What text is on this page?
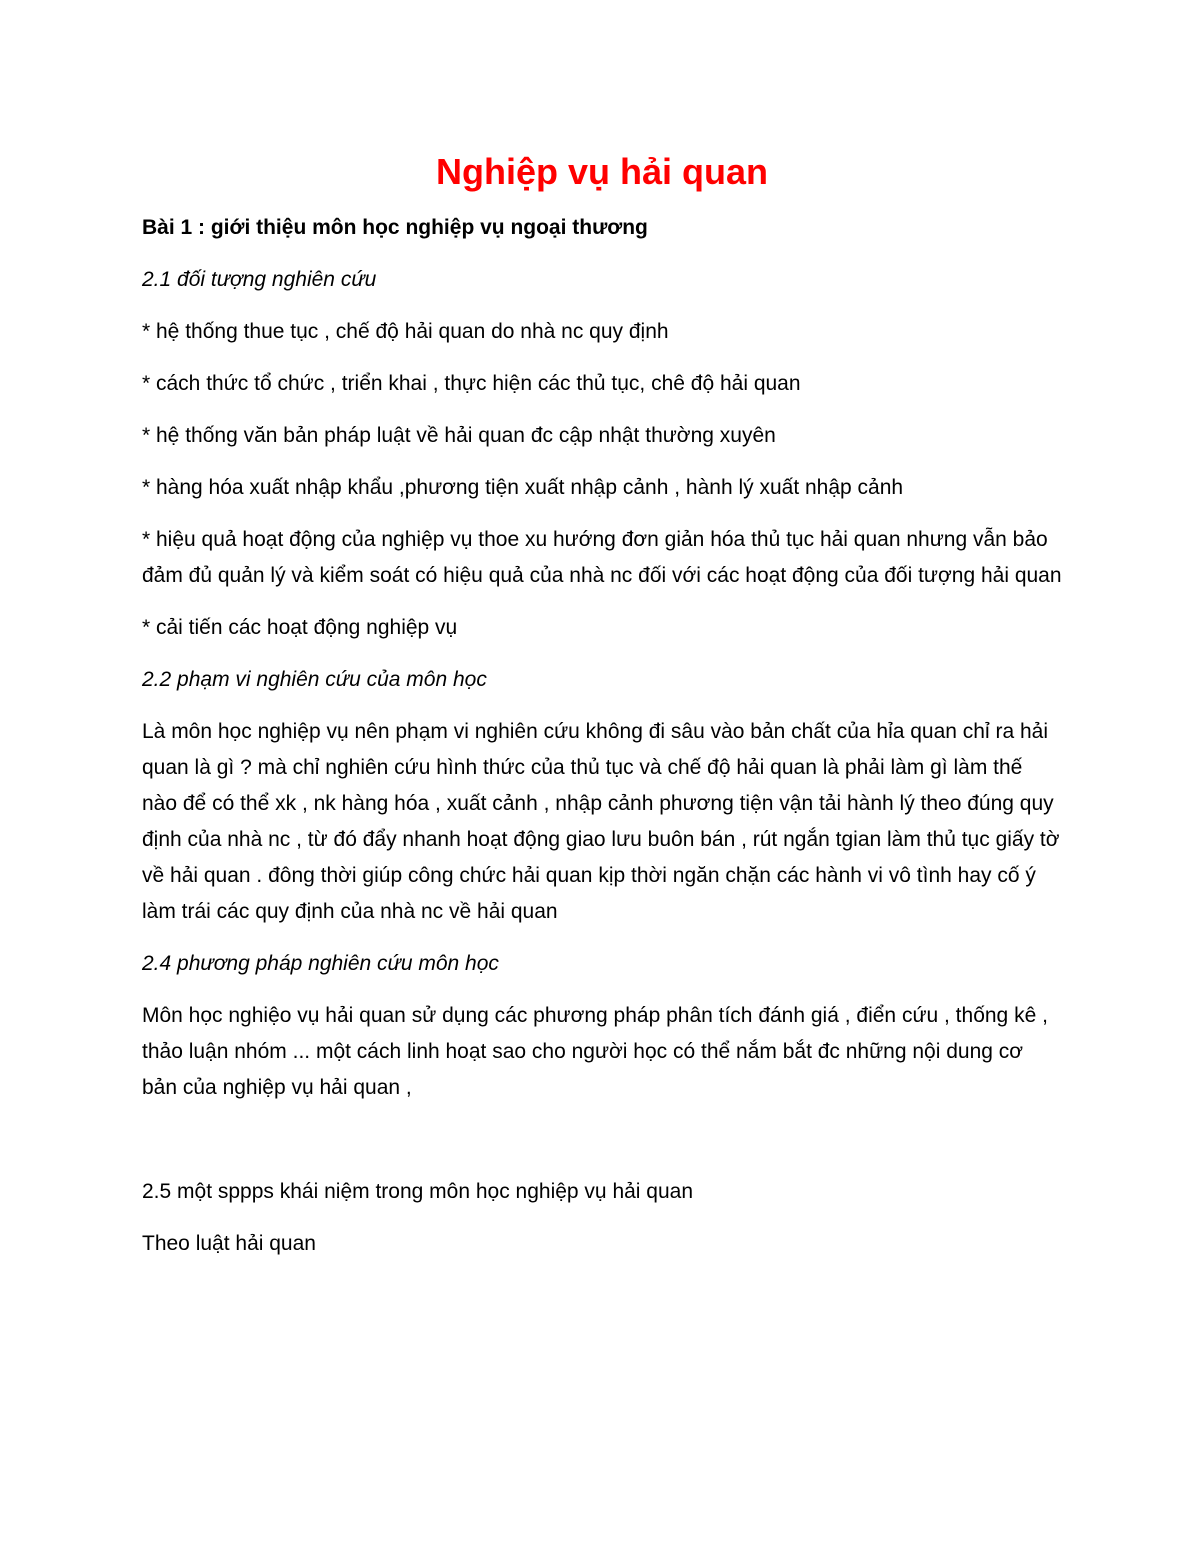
Nghiệp vụ hải quan

Bài 1 : giới thiệu môn học nghiệp vụ ngoại thương

2.1 đối tượng nghiên cứu

* hệ thống thue tục , chế độ hải quan do nhà nc quy định

* cách thức tổ chức , triển khai , thực hiện các thủ tục, chê độ hải quan

* hệ thống văn bản pháp luật về hải quan đc cập nhật thường xuyên

* hàng hóa xuất nhập khẩu ,phương tiện xuất nhập cảnh , hành lý xuất nhập cảnh

* hiệu quả hoạt động của nghiệp vụ thoe xu hướng đơn giản hóa thủ tục hải quan nhưng vẫn bảo đảm đủ quản lý và kiểm soát có hiệu quả của nhà nc đối với các hoạt động của đối tượng hải quan

* cải tiến các hoạt động nghiệp vụ

2.2 phạm vi nghiên cứu của môn học

Là môn học nghiệp vụ nên phạm vi nghiên cứu không đi sâu vào bản chất của hỉa quan chỉ ra hải quan là gì ? mà chỉ nghiên cứu hình thức của thủ tục và chế độ hải quan là phải làm gì làm thế nào để có thể xk , nk hàng hóa , xuất cảnh , nhập cảnh phương tiện vận tải hành lý theo đúng quy định của nhà nc , từ đó đẩy nhanh hoạt động giao lưu buôn bán , rút ngắn tgian làm thủ tục giấy tờ về hải quan . đông thời giúp công chức hải quan kịp thời ngăn chặn các hành vi vô tình hay cố ý làm trái các quy định của nhà nc về hải quan

2.4 phương pháp nghiên cứu môn học

Môn học nghiệo vụ hải quan sử dụng các phương pháp phân tích đánh giá , điển cứu , thống kê , thảo luận nhóm ... một cách linh hoạt sao cho người học có thể nắm bắt đc những nội dung cơ bản của nghiệp vụ hải quan ,

2.5 một sppps khái niệm trong môn học nghiệp vụ hải quan

Theo luật hải quan
